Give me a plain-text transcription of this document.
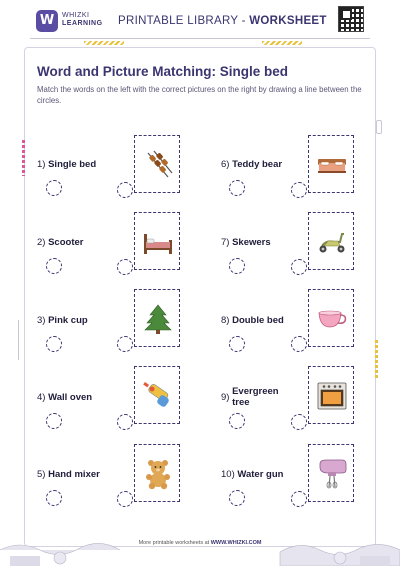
W	WHIZKI
LEARNING PRINTABLE LIBRARY - WORKSHEET
Word and Picture Matching: Single bed
Match the words on the left with the correct pictures on the right by drawing a line between the circles.
1) Single bed
2) Scooter
3) Pink cup
4) Wall oven
5) Hand mixer
6) Teddy bear
7) Skewers
8) Double bed
9) Evergreen tree
10) Water gun
More printable worksheets at WWW.WHIZKI.COM
